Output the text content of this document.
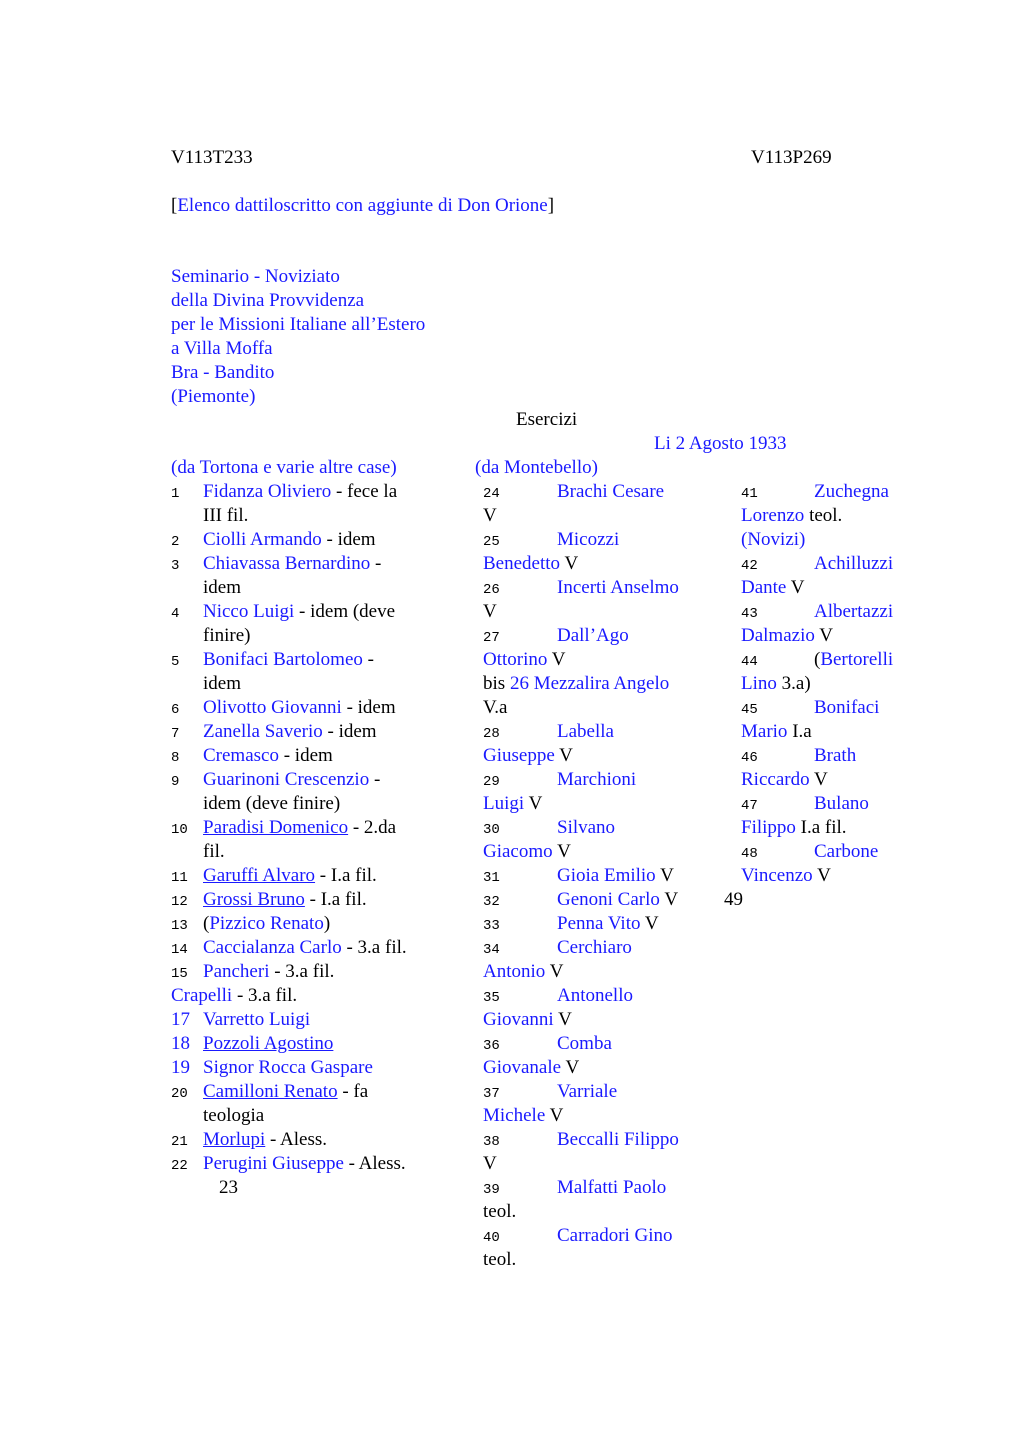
V113T233	V113P269
[Elenco dattiloscritto con aggiunte di Don Orione]
Seminario - Noviziato
della Divina Provvidenza
per le Missioni Italiane all’Estero
a Villa Moffa
Bra - Bandito
(Piemonte)
Esercizi
Li 2 Agosto 1933
(da Tortona e varie altre case)
1 Fidanza Oliviero - fece la
III fil.
2 Ciolli Armando - idem
3 Chiavassa Bernardino -
idem
4 Nicco Luigi - idem (deve
finire)
5 Bonifaci Bartolomeo -
idem
6 Olivotto Giovanni - idem
7 Zanella Saverio - idem
8 Cremasco - idem
9 Guarinoni Crescenzio -
idem (deve finire)
10 Paradisi Domenico - 2.da
fil.
11 Garuffi Alvaro - I.a fil.
12 Grossi Bruno - I.a fil.
13 (Pizzico Renato)
14 Caccialanza Carlo - 3.a fil.
15 Pancheri - 3.a fil.
Crapelli - 3.a fil.
17 Varretto Luigi
18 Pozzoli Agostino
19 Signor Rocca Gaspare
20 Camilloni Renato - fa
teologia
21 Morlupi - Aless.
22 Perugini Giuseppe - Aless.
23
(da Montebello)
24	Brachi Cesare
V
25	Micozzi
Benedetto V
26	Incerti Anselmo
V
27	Dall’Ago
Ottorino V
bis 26 Mezzalira Angelo
V.a
28	Labella
Giuseppe V
29	Marchioni
Luigi V
30	Silvano
Giacomo V
31	Gioia Emilio V
32	Genoni Carlo V
33	Penna Vito V
34	Cerchiaro
Antonio V
35	Antonello
Giovanni V
36	Comba
Giovanale V
37	Varriale
Michele V
38	Beccalli Filippo
V
39	Malfatti Paolo
teol.
40	Carradori Gino
teol.
41	Zuchegna
Lorenzo teol.
(Novizi)
42	Achilluzzi
Dante V
43	Albertazzi
Dalmazio V
44	(Bertorelli
Lino 3.a)
45	Bonifaci
Mario I.a
46	Brath
Riccardo V
47	Bulano
Filippo I.a fil.
48	Carbone
Vincenzo V
49
